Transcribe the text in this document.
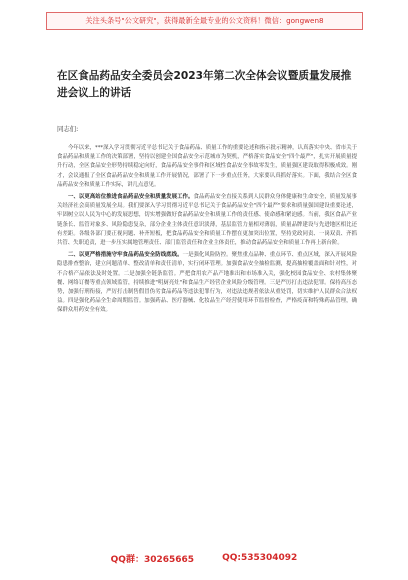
关注头条号"公文研究"，获得最新全最专业的公文资料！微信：gongwen8
在区食品药品安全委员会2023年第二次全体会议暨质量发展推进会议上的讲话
同志们:

今年以来，***深入学习贯彻习近平总书记关于食品药品、质量工作的重要论述和指示批示精神，认真落实中央、省市关于食品药品和质量工作的决策部署，坚持以创建全国食品安全示范城市为契机，严格落实食品安全"四个最严"，扎实开展质量提升行动，全区食品安全形势持续稳定向好，食品药品安全事件和区域性食品安全事故零发生，质量强区建设取得积极成效。刚才，会议通报了全区食品药品安全和质量工作开展情况，部署了下一步重点任务，大家要认真抓好落实。下面，我结合全区食品药品安全和质量工作实际，讲几点意见。

一、以更高站位推进食品药品安全和质量发展工作。食品药品安全直接关系到人民群众身体健康和生命安全，质量发展事关经济社会高质量发展全局。我们要深入学习贯彻习近平总书记关于食品药品安全"四个最严"要求和质量强国建设重要论述，牢固树立以人民为中心的发展思想，切实增强做好食品药品安全和质量工作的责任感、使命感和紧迫感。当前，我区食品产业链条长、监管对象多、风险隐患复杂，部分企业主体责任意识淡薄，基层监管力量相对薄弱，质量品牌建设与先进地区相比还有差距。各级各部门要正视问题、补齐短板，把食品药品安全和质量工作摆在更加突出位置，坚持党政同责、一岗双责、齐抓共管、失职追责，进一步压实属地管理责任、部门监管责任和企业主体责任，推动食品药品安全和质量工作再上新台阶。

二、以更严格措施守牢食品药品安全防线底线。一是强化风险防控。聚焦重点品种、重点环节、重点区域，深入开展风险隐患排查整治，建立问题清单、整改清单和责任清单，实行闭环管理。加强食品安全抽检监测，提高抽检覆盖面和针对性，对不合格产品依法及时处置。二是加强全链条监管。严把食用农产品产地准出和市场准入关，强化校园食品安全、农村集体聚餐、网络订餐等重点领域监管，持续推进"明厨亮灶"和食品生产经营企业风险分级管理。三是严厉打击违法犯罪。保持高压态势，加强行刑衔接，严厉打击制售假冒伪劣食品药品等违法犯罪行为，对违法违规者依法从重处罚，切实维护人民群众合法权益。四是强化药品全生命周期监管。加强药品、医疗器械、化妆品生产经营使用环节监督检查，严格疫苗和特殊药品管理，确保群众用药安全有效。

QQ群：30265665	QQ:535304092
